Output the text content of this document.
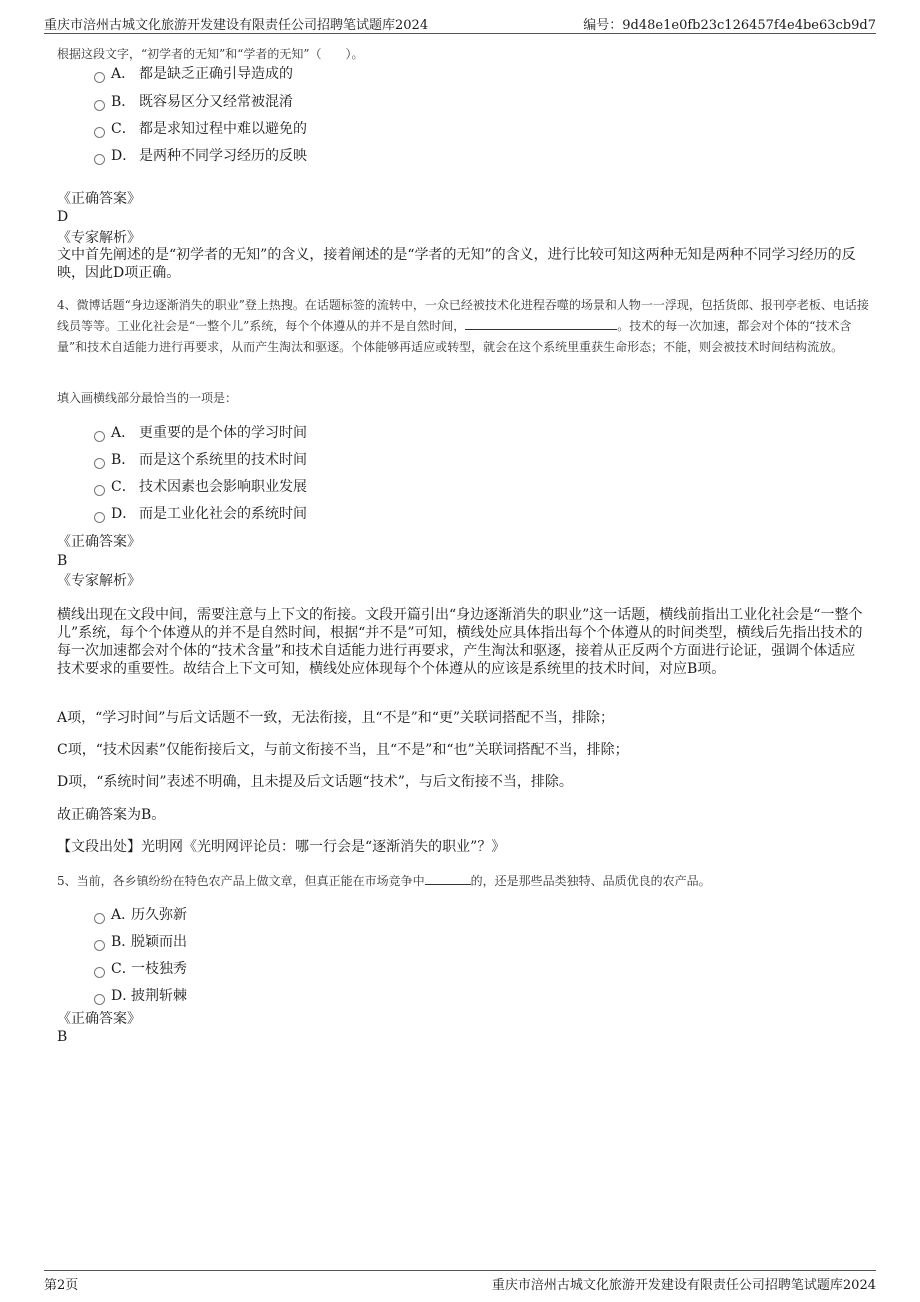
重庆市涪州古城文化旅游开发建设有限责任公司招聘笔试题库2024	编号：9d48e1e0fb23c126457f4e4be63cb9d7
根据这段文字，“初学者的无知”和“学者的无知”（　　）。
A． 都是缺乏正确引导造成的
B． 既容易区分又经常被混淆
C． 都是求知过程中难以避免的
D． 是两种不同学习经历的反映
《正确答案》
D
《专家解析》
文中首先阐述的是“初学者的无知”的含义，接着阐述的是“学者的无知”的含义，进行比较可知这两种无知是两种不同学习经历的反映，因此D项正确。
4、微博话题“身边逐渐消失的职业”登上热搜。在话题标签的流转中，一众已经被技术化进程吞噬的场景和人物一一浮现，包括货郎、报刊亭老板、电话接线员等等。工业化社会是“一整个儿”系统，每个个体遵从的并不是自然时间，	。技术的每一次加速，都会对个体的“技术含量”和技术自适能力进行再要求，从而产生淘汰和驱逐。个体能够再适应或转型，就会在这个系统里重获生命形态；不能，则会被技术时间结构流放。
填入画横线部分最恰当的一项是：
A． 更重要的是个体的学习时间
B． 而是这个系统里的技术时间
C． 技术因素也会影响职业发展
D． 而是工业化社会的系统时间
《正确答案》
B
《专家解析》
横线出现在文段中间，需要注意与上下文的衔接。文段开篇引出“身边逐渐消失的职业”这一话题，横线前指出工业化社会是“一整个儿”系统，每个个体遵从的并不是自然时间，根据“并不是”可知，横线处应具体指出每个个体遵从的时间类型，横线后先指出技术的每一次加速都会对个体的“技术含量”和技术自适能力进行再要求，产生淘汰和驱逐，接着从正反两个方面进行论证，强调个体适应技术要求的重要性。故结合上下文可知，横线处应体现每个个体遵从的应该是系统里的技术时间，对应B项。
A项，“学习时间”与后文话题不一致，无法衔接，且“不是”和“更”关联词搭配不当，排除；
C项，“技术因素”仅能衔接后文，与前文衔接不当，且“不是”和“也”关联词搭配不当，排除；
D项，“系统时间”表述不明确，且未提及后文话题“技术”，与后文衔接不当，排除。
故正确答案为B。
【文段出处】光明网《光明网评论员：哪一行会是“逐渐消失的职业”？》
5、当前，各乡镇纷纷在特色农产品上做文章，但真正能在市场竞争中	的，还是那些品类独特、品质优良的农产品。
A．历久弥新
B．脱颖而出
C．一枝独秀
D．披荆斩棘
《正确答案》
B
第2页	重庆市涪州古城文化旅游开发建设有限责任公司招聘笔试题库2024
